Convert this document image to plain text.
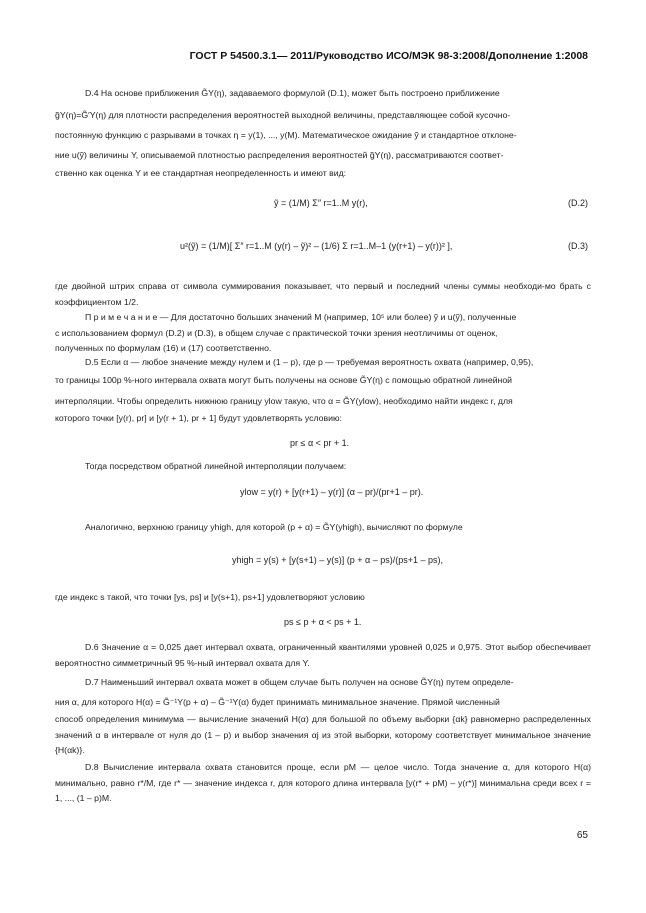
ГОСТ Р 54500.3.1— 2011/Руководство ИСО/МЭК 98-3:2008/Дополнение 1:2008

D.4 На основе приближения G̃Y(η), задаваемого формулой (D.1), может быть построено приближение

g̃Y(η)=G̃′Y(η) для плотности распределения вероятностей выходной величины, представляющее собой кусочно-

постоянную функцию с разрывами в точках η = y(1), ..., y(M). Математическое ожидание ỹ и стандартное отклоне-

ние u(ỹ) величины Y, описываемой плотностью распределения вероятностей g̃Y(η), рассматриваются соответ-

ственно как оценка Y и ее стандартная неопределенность и имеют вид:

ỹ = (1/M) Σ″ r=1..M y(r),	(D.2)
u²(ỹ) = (1/M)[ Σ″ r=1..M (y(r) – ỹ)² – (1/6) Σ r=1..M–1 (y(r+1) – y(r))² ],	(D.3)

где двойной штрих справа от символа суммирования показывает, что первый и последний члены суммы необходи-мо брать с коэффициентом 1/2.

П р и м е ч а н и е — Для достаточно больших значений M (например, 10⁵ или более) ỹ и u(ỹ), полученные

с использованием формул (D.2) и (D.3), в общем случае с практической точки зрения неотличимы от оценок,

полученных по формулам (16) и (17) соответственно.

D.5 Если α — любое значение между нулем и (1 – p), где p — требуемая вероятность охвата (например, 0,95),

то границы 100p %-ного интервала охвата могут быть получены на основе G̃Y(η) с помощью обратной линейной

интерполяции. Чтобы определить нижнюю границу ylow такую, что α = G̃Y(ylow), необходимо найти индекс r, для

которого точки [y(r), pr] и [y(r + 1), pr + 1] будут удовлетворять условию:

pr ≤ α < pr + 1.

Тогда посредством обратной линейной интерполяции получаем:

ylow = y(r) + [y(r+1) – y(r)] (α – pr)/(pr+1 – pr).

Аналогично, верхнюю границу yhigh, для которой (p + α) = G̃Y(yhigh), вычисляют по формуле

yhigh = y(s) + [y(s+1) – y(s)] (p + α – ps)/(ps+1 – ps),

где индекс s такой, что точки [ys, ps] и [y(s+1), ps+1] удовлетворяют условию

ps ≤ p + α < ps + 1.

D.6 Значение α = 0,025 дает интервал охвата, ограниченный квантилями уровней 0,025 и 0,975. Этот выбор обеспечивает вероятностно симметричный 95 %-ный интервал охвата для Y.

D.7 Наименьший интервал охвата может в общем случае быть получен на основе G̃Y(η) путем определе-

ния α, для которого H(α) = G̃⁻¹Y(p + α) – G̃⁻¹Y(α) будет принимать минимальное значение. Прямой численный

способ определения минимума — вычисление значений H(α) для большой по объему выборки {αk} равномерно распределенных значений α в интервале от нуля до (1 – p) и выбор значения αj из этой выборки, которому соответствует минимальное значение {H(αk)}.

D.8 Вычисление интервала охвата становится проще, если pM — целое число. Тогда значение α, для которого H(α) минимально, равно r*/M, где r* — значение индекса r, для которого длина интервала [y(r* + pM) – y(r*)] минимальна среди всех r = 1, ..., (1 – p)M.

65
